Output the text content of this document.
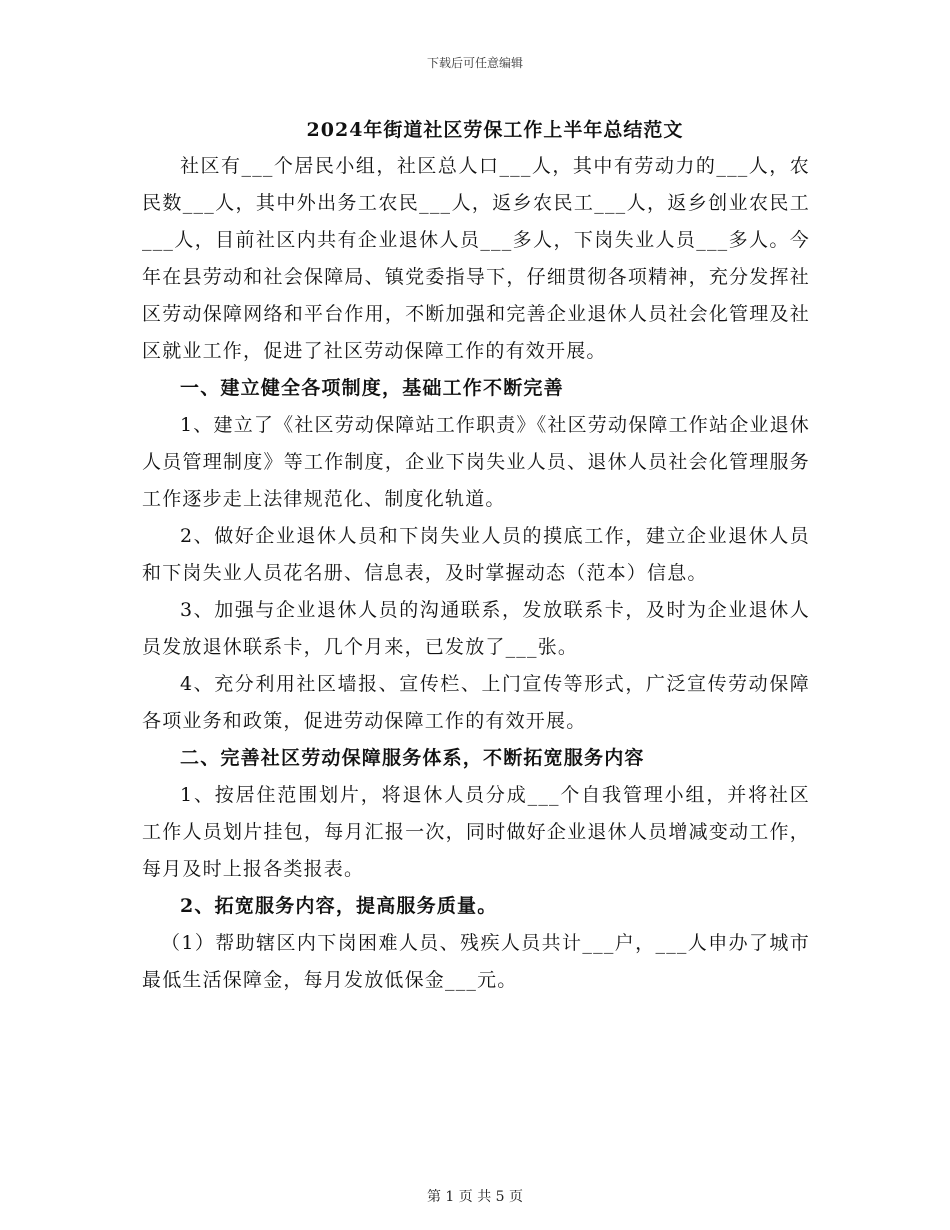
下载后可任意编辑
2024年街道社区劳保工作上半年总结范文

社区有___个居民小组，社区总人口___人，其中有劳动力的___人，农民数___人，其中外出务工农民___人，返乡农民工___人，返乡创业农民工___人，目前社区内共有企业退休人员___多人，下岗失业人员___多人。今年在县劳动和社会保障局、镇党委指导下，仔细贯彻各项精神，充分发挥社区劳动保障网络和平台作用，不断加强和完善企业退休人员社会化管理及社区就业工作，促进了社区劳动保障工作的有效开展。

一、建立健全各项制度，基础工作不断完善

1、建立了《社区劳动保障站工作职责》《社区劳动保障工作站企业退休人员管理制度》等工作制度，企业下岗失业人员、退休人员社会化管理服务工作逐步走上法律规范化、制度化轨道。

2、做好企业退休人员和下岗失业人员的摸底工作，建立企业退休人员和下岗失业人员花名册、信息表，及时掌握动态（范本）信息。

3、加强与企业退休人员的沟通联系，发放联系卡，及时为企业退休人员发放退休联系卡，几个月来，已发放了___张。

4、充分利用社区墙报、宣传栏、上门宣传等形式，广泛宣传劳动保障各项业务和政策，促进劳动保障工作的有效开展。

二、完善社区劳动保障服务体系，不断拓宽服务内容

1、按居住范围划片，将退休人员分成___个自我管理小组，并将社区工作人员划片挂包，每月汇报一次，同时做好企业退休人员增减变动工作，每月及时上报各类报表。

2、拓宽服务内容，提高服务质量。

（1）帮助辖区内下岗困难人员、残疾人员共计___户，___人申办了城市最低生活保障金，每月发放低保金___元。

第 1 页 共 5 页
